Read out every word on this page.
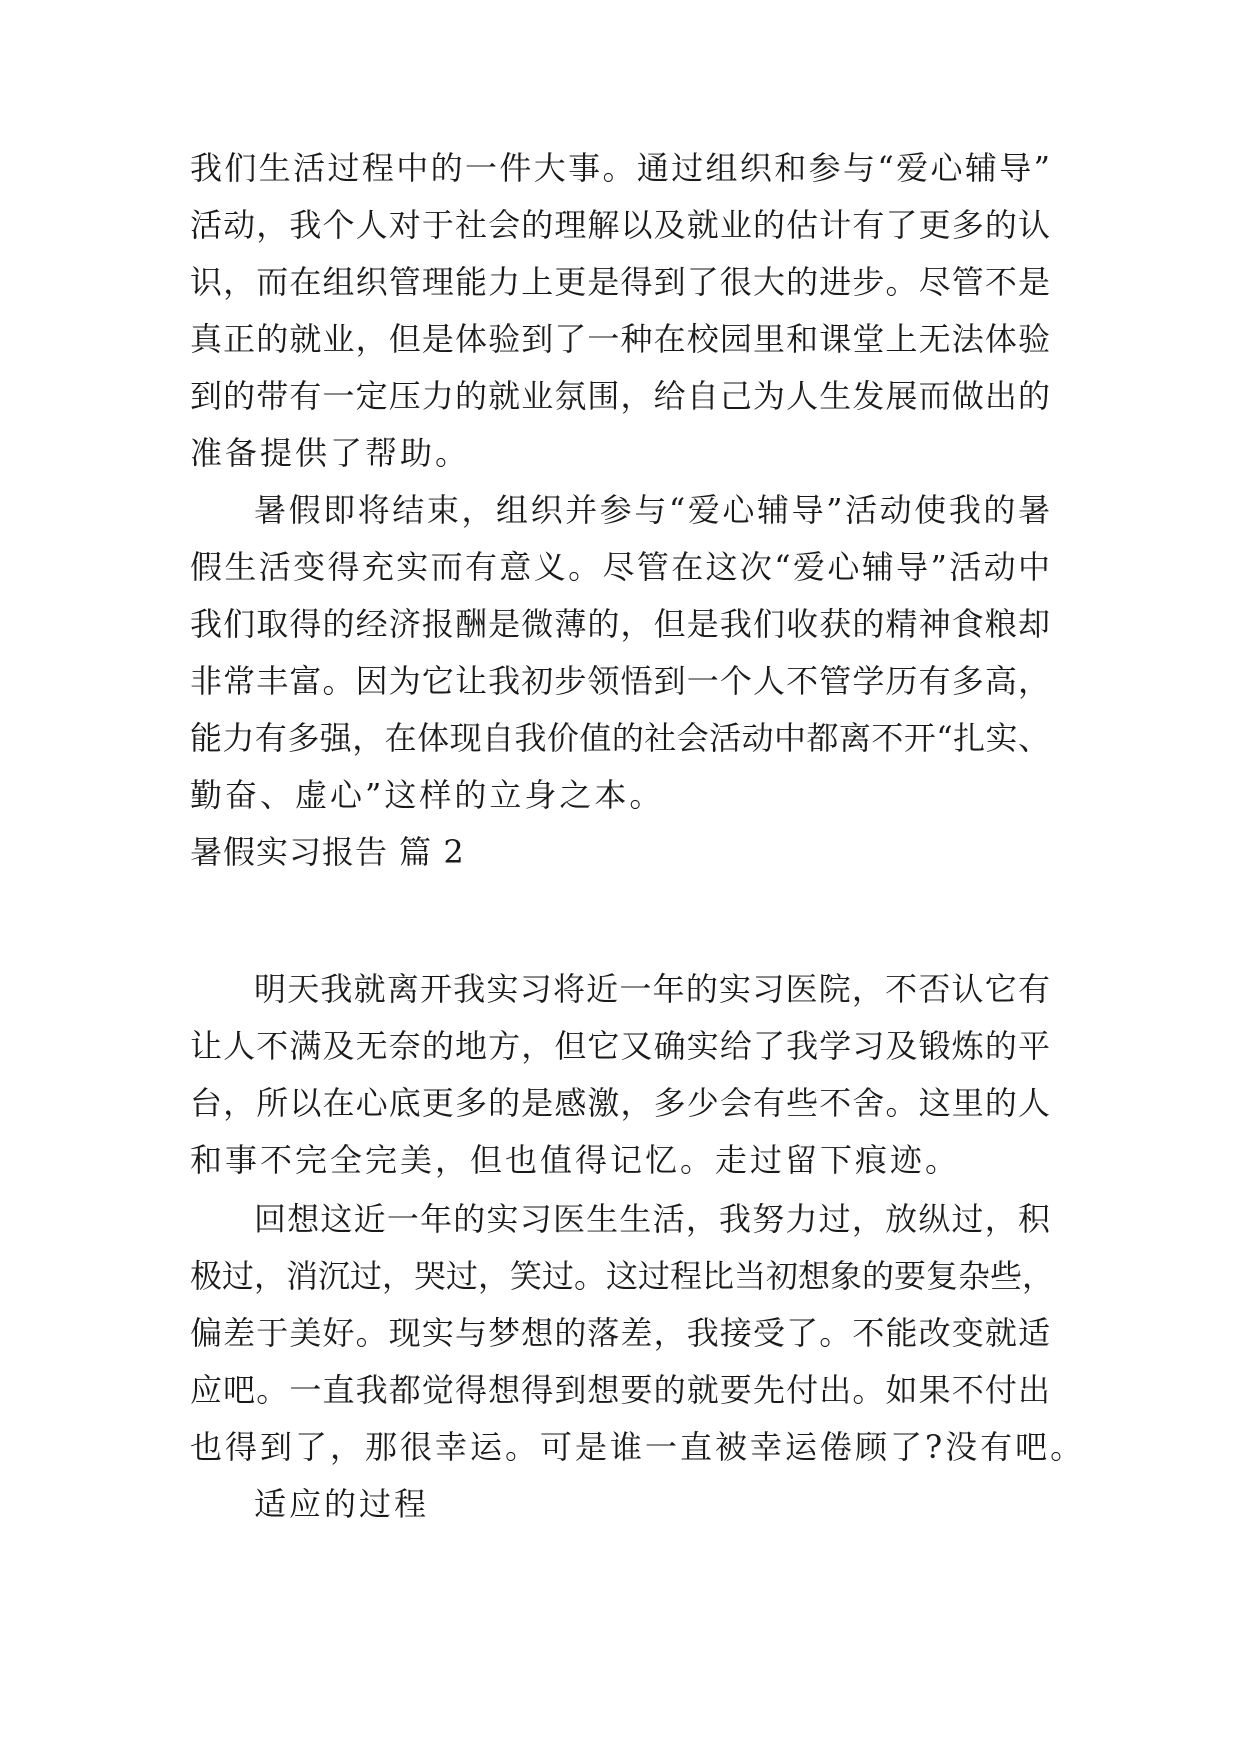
我们生活过程中的一件大事。通过组织和参与“爱心辅导”
活动，我个人对于社会的理解以及就业的估计有了更多的认
识，而在组织管理能力上更是得到了很大的进步。尽管不是
真正的就业，但是体验到了一种在校园里和课堂上无法体验
到的带有一定压力的就业氛围，给自己为人生发展而做出的
准备提供了帮助。
暑假即将结束，组织并参与“爱心辅导”活动使我的暑
假生活变得充实而有意义。尽管在这次“爱心辅导”活动中
我们取得的经济报酬是微薄的，但是我们收获的精神食粮却
非常丰富。因为它让我初步领悟到一个人不管学历有多高，
能力有多强，在体现自我价值的社会活动中都离不开“扎实、
勤奋、虚心”这样的立身之本。
暑假实习报告 篇 2
明天我就离开我实习将近一年的实习医院，不否认它有
让人不满及无奈的地方，但它又确实给了我学习及锻炼的平
台，所以在心底更多的是感激，多少会有些不舍。这里的人
和事不完全完美，但也值得记忆。走过留下痕迹。
回想这近一年的实习医生生活，我努力过，放纵过，积
极过，消沉过，哭过，笑过。这过程比当初想象的要复杂些，
偏差于美好。现实与梦想的落差，我接受了。不能改变就适
应吧。一直我都觉得想得到想要的就要先付出。如果不付出
也得到了，那很幸运。可是谁一直被幸运倦顾了?没有吧。
适应的过程
